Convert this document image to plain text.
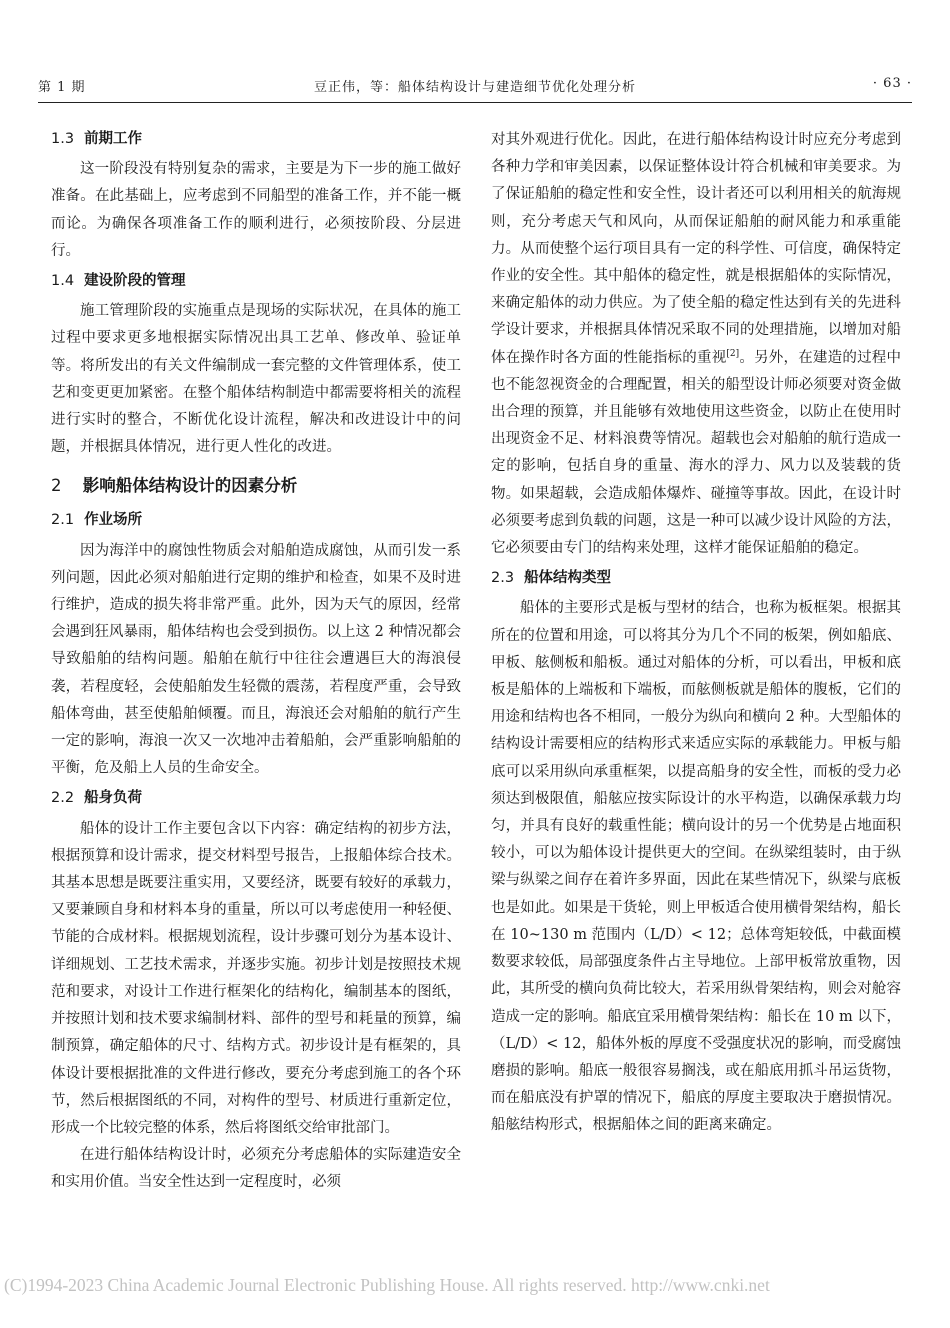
第 1 期	豆正伟，等：船体结构设计与建造细节优化处理分析	· 63 ·
1.3 前期工作

这一阶段没有特别复杂的需求，主要是为下一步的施工做好准备。在此基础上，应考虑到不同船型的准备工作，并不能一概而论。为确保各项准备工作的顺利进行，必须按阶段、分层进行。

1.4 建设阶段的管理

施工管理阶段的实施重点是现场的实际状况，在具体的施工过程中要求更多地根据实际情况出具工艺单、修改单、验证单等。将所发出的有关文件编制成一套完整的文件管理体系，使工艺和变更更加紧密。在整个船体结构制造中都需要将相关的流程进行实时的整合，不断优化设计流程，解决和改进设计中的问题，并根据具体情况，进行更人性化的改进。

2 影响船体结构设计的因素分析
2.1 作业场所

因为海洋中的腐蚀性物质会对船舶造成腐蚀，从而引发一系列问题，因此必须对船舶进行定期的维护和检查，如果不及时进行维护，造成的损失将非常严重。此外，因为天气的原因，经常会遇到狂风暴雨，船体结构也会受到损伤。以上这 2 种情况都会导致船舶的结构问题。船舶在航行中往往会遭遇巨大的海浪侵袭，若程度轻，会使船舶发生轻微的震荡，若程度严重，会导致船体弯曲，甚至使船舶倾覆。而且，海浪还会对船舶的航行产生一定的影响，海浪一次又一次地冲击着船舶，会严重影响船舶的平衡，危及船上人员的生命安全。

2.2 船身负荷

船体的设计工作主要包含以下内容：确定结构的初步方法，根据预算和设计需求，提交材料型号报告，上报船体综合技术。其基本思想是既要注重实用，又要经济，既要有较好的承载力，又要兼顾自身和材料本身的重量，所以可以考虑使用一种轻便、节能的合成材料。根据规划流程，设计步骤可划分为基本设计、详细规划、工艺技术需求，并逐步实施。初步计划是按照技术规范和要求，对设计工作进行框架化的结构化，编制基本的图纸，并按照计划和技术要求编制材料、部件的型号和耗量的预算，编制预算，确定船体的尺寸、结构方式。初步设计是有框架的，具体设计要根据批准的文件进行修改，要充分考虑到施工的各个环节，然后根据图纸的不同，对构件的型号、材质进行重新定位，形成一个比较完整的体系，然后将图纸交给审批部门。

在进行船体结构设计时，必须充分考虑船体的实际建造安全和实用价值。当安全性达到一定程度时，必须

对其外观进行优化。因此，在进行船体结构设计时应充分考虑到各种力学和审美因素，以保证整体设计符合机械和审美要求。为了保证船舶的稳定性和安全性，设计者还可以利用相关的航海规则，充分考虑天气和风向，从而保证船舶的耐风能力和承重能力。从而使整个运行项目具有一定的科学性、可信度，确保特定作业的安全性。其中船体的稳定性，就是根据船体的实际情况，来确定船体的动力供应。为了使全船的稳定性达到有关的先进科学设计要求，并根据具体情况采取不同的处理措施，以增加对船体在操作时各方面的性能指标的重视[2]。另外，在建造的过程中也不能忽视资金的合理配置，相关的船型设计师必须要对资金做出合理的预算，并且能够有效地使用这些资金，以防止在使用时出现资金不足、材料浪费等情况。超载也会对船舶的航行造成一定的影响，包括自身的重量、海水的浮力、风力以及装载的货物。如果超载，会造成船体爆炸、碰撞等事故。因此，在设计时必须要考虑到负载的问题，这是一种可以减少设计风险的方法，它必须要由专门的结构来处理，这样才能保证船舶的稳定。

2.3 船体结构类型

船体的主要形式是板与型材的结合，也称为板框架。根据其所在的位置和用途，可以将其分为几个不同的板架，例如船底、甲板、舷侧板和船板。通过对船体的分析，可以看出，甲板和底板是船体的上端板和下端板，而舷侧板就是船体的腹板，它们的用途和结构也各不相同，一般分为纵向和横向 2 种。大型船体的结构设计需要相应的结构形式来适应实际的承载能力。甲板与船底可以采用纵向承重框架，以提高船身的安全性，而板的受力必须达到极限值，船舷应按实际设计的水平构造，以确保承载力均匀，并具有良好的载重性能；横向设计的另一个优势是占地面积较小，可以为船体设计提供更大的空间。在纵梁组装时，由于纵梁与纵梁之间存在着许多界面，因此在某些情况下，纵梁与底板也是如此。如果是干货轮，则上甲板适合使用横骨架结构，船长在 10~130 m 范围内（L/D）< 12；总体弯矩较低，中截面模数要求较低，局部强度条件占主导地位。上部甲板常放重物，因此，其所受的横向负荷比较大，若采用纵骨架结构，则会对舱容造成一定的影响。船底宜采用横骨架结构：船长在 10 m 以下，（L/D）< 12，船体外板的厚度不受强度状况的影响，而受腐蚀磨损的影响。船底一般很容易搁浅，或在船底用抓斗吊运货物，而在船底没有护罩的情况下，船底的厚度主要取决于磨损情况。船舷结构形式，根据船体之间的距离来确定。

(C)1994-2023 China Academic Journal Electronic Publishing House. All rights reserved. http://www.cnki.net
